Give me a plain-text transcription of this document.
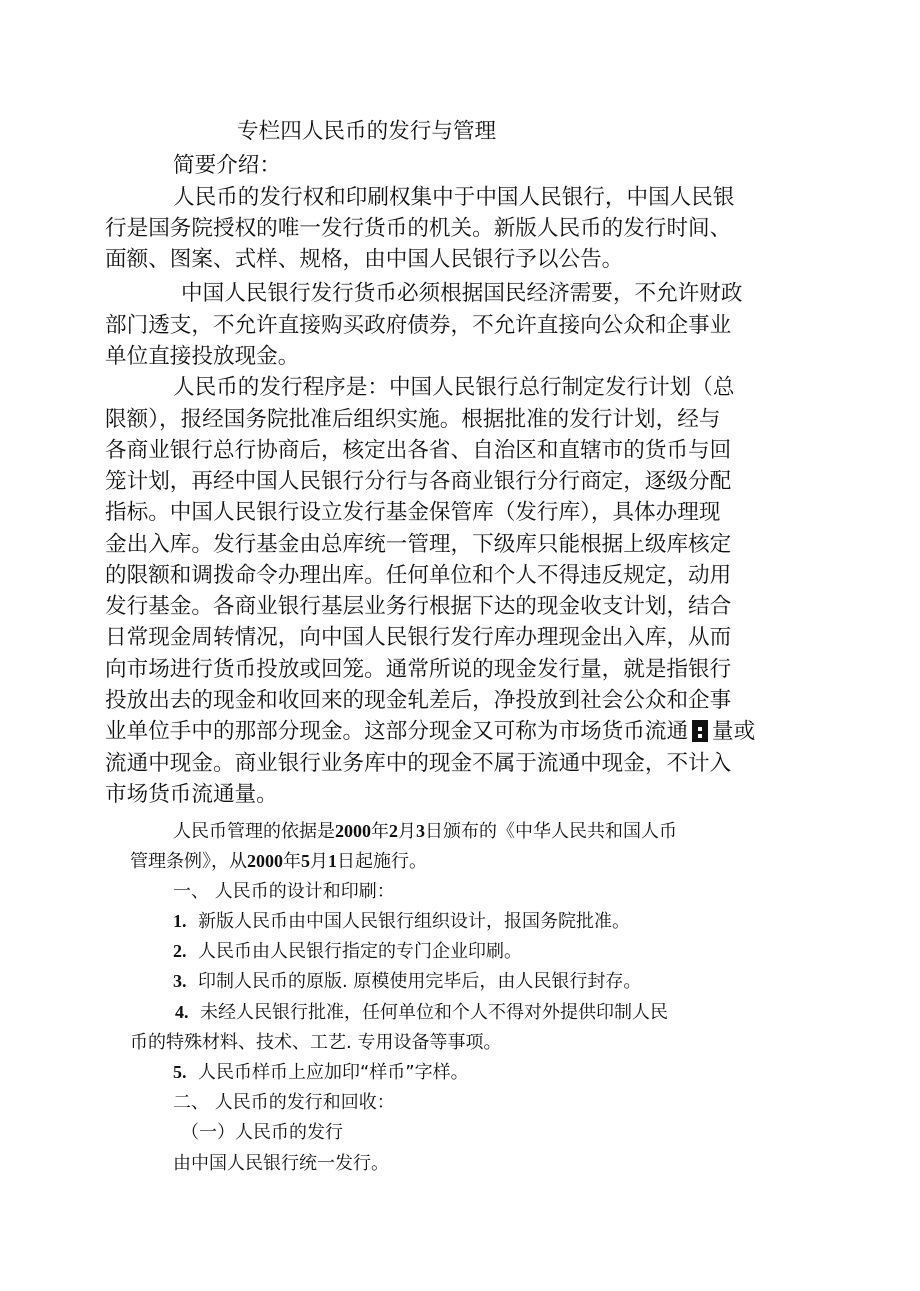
专栏四人民币的发行与管理
简要介绍：
人民币的发行权和印刷权集中于中国人民银行，中国人民银
行是国务院授权的唯一发行货币的机关。新版人民币的发行时间、
面额、图案、式样、规格，由中国人民银行予以公告。
中国人民银行发行货币必须根据国民经济需要，不允许财政
部门透支，不允许直接购买政府债券，不允许直接向公众和企事业
单位直接投放现金。
人民币的发行程序是：中国人民银行总行制定发行计划（总
限额），报经国务院批准后组织实施。根据批准的发行计划，经与
各商业银行总行协商后，核定出各省、自治区和直辖市的货币与回
笼计划，再经中国人民银行分行与各商业银行分行商定，逐级分配
指标。中国人民银行设立发行基金保管库（发行库），具体办理现
金出入库。发行基金由总库统一管理，下级库只能根据上级库核定
的限额和调拨命令办理出库。任何单位和个人不得违反规定，动用
发行基金。各商业银行基层业务行根据下达的现金收支计划，结合
日常现金周转情况，向中国人民银行发行库办理现金出入库，从而
向市场进行货币投放或回笼。通常所说的现金发行量，就是指银行
投放出去的现金和收回来的现金轧差后，净投放到社会公众和企事
业单位手中的那部分现金。这部分现金又可称为市场货币流通 量或
流通中现金。商业银行业务库中的现金不属于流通中现金，不计入
市场货币流通量。
人民币管理的依据是2000年2月3日颁布的《中华人民共和国人币
管理条例》，从2000年5月1日起施行。
一、 人民币的设计和印刷：
1. 新版人民币由中国人民银行组织设计，报国务院批准。
2. 人民币由人民银行指定的专门企业印刷。
3. 印制人民币的原版. 原模使用完毕后，由人民银行封存。
4. 未经人民银行批准，任何单位和个人不得对外提供印制人民
币的特殊材料、技术、工艺. 专用设备等事项。
5. 人民币样币上应加印“样币”字样。
二、 人民币的发行和回收：
（一）人民币的发行
由中国人民银行统一发行。
